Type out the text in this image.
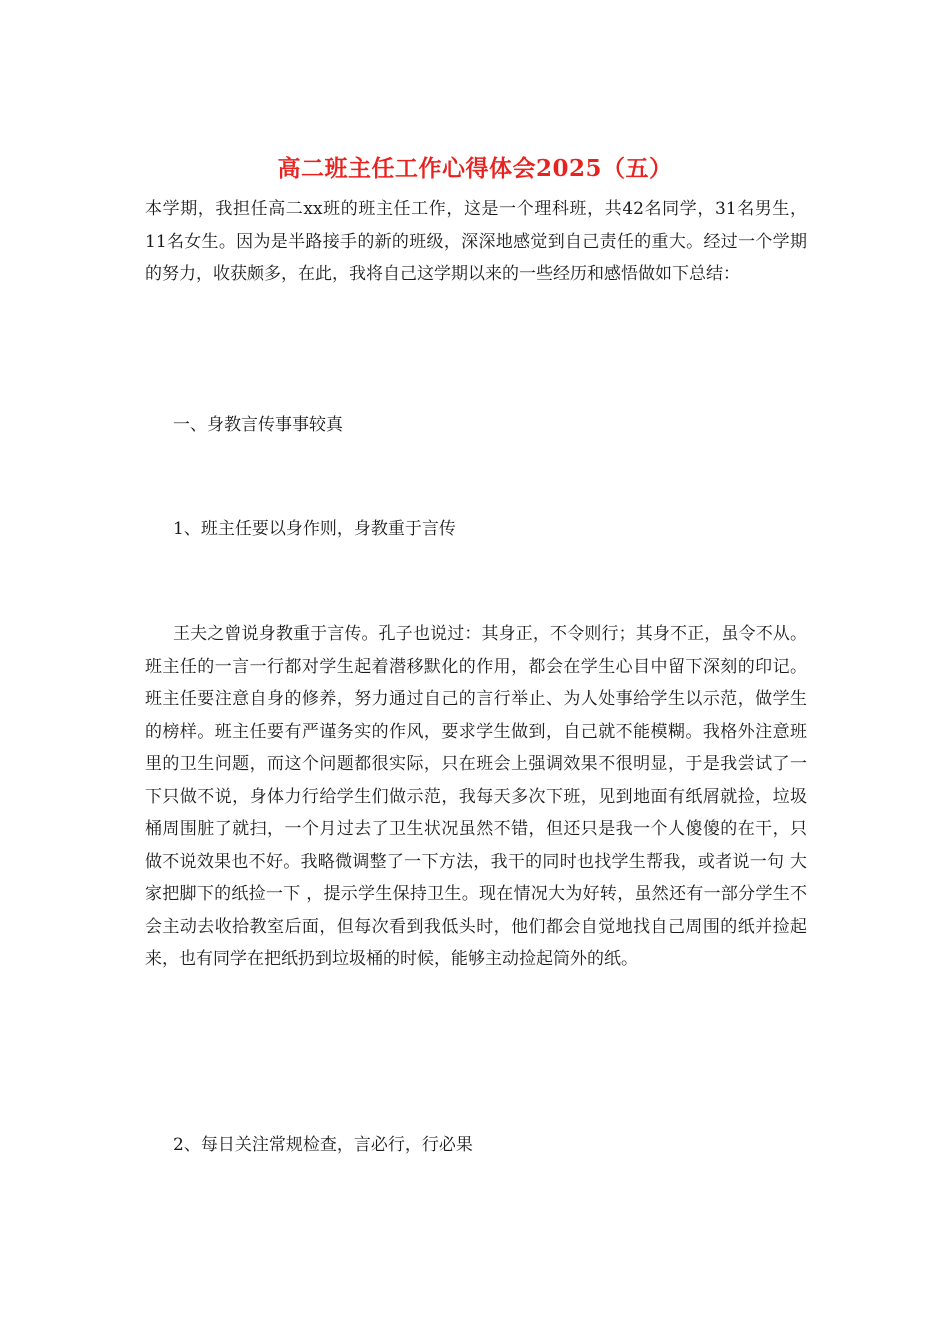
高二班主任工作心得体会2025（五）

本学期，我担任高二xx班的班主任工作，这是一个理科班，共42名同学，31名男生，11名女生。因为是半路接手的新的班级，深深地感觉到自己责任的重大。经过一个学期的努力，收获颇多，在此，我将自己这学期以来的一些经历和感悟做如下总结：

一、身教言传事事较真

1、班主任要以身作则，身教重于言传

王夫之曾说身教重于言传。孔子也说过：其身正，不令则行；其身不正，虽令不从。班主任的一言一行都对学生起着潜移默化的作用，都会在学生心目中留下深刻的印记。班主任要注意自身的修养，努力通过自己的言行举止、为人处事给学生以示范，做学生的榜样。班主任要有严谨务实的作风，要求学生做到，自己就不能模糊。我格外注意班里的卫生问题，而这个问题都很实际，只在班会上强调效果不很明显，于是我尝试了一下只做不说，身体力行给学生们做示范，我每天多次下班，见到地面有纸屑就捡，垃圾桶周围脏了就扫，一个月过去了卫生状况虽然不错，但还只是我一个人傻傻的在干，只做不说效果也不好。我略微调整了一下方法，我干的同时也找学生帮我，或者说一句 大家把脚下的纸捡一下 ，提示学生保持卫生。现在情况大为好转，虽然还有一部分学生不会主动去收拾教室后面，但每次看到我低头时，他们都会自觉地找自己周围的纸并捡起来，也有同学在把纸扔到垃圾桶的时候，能够主动捡起筒外的纸。

2、每日关注常规检查，言必行，行必果
